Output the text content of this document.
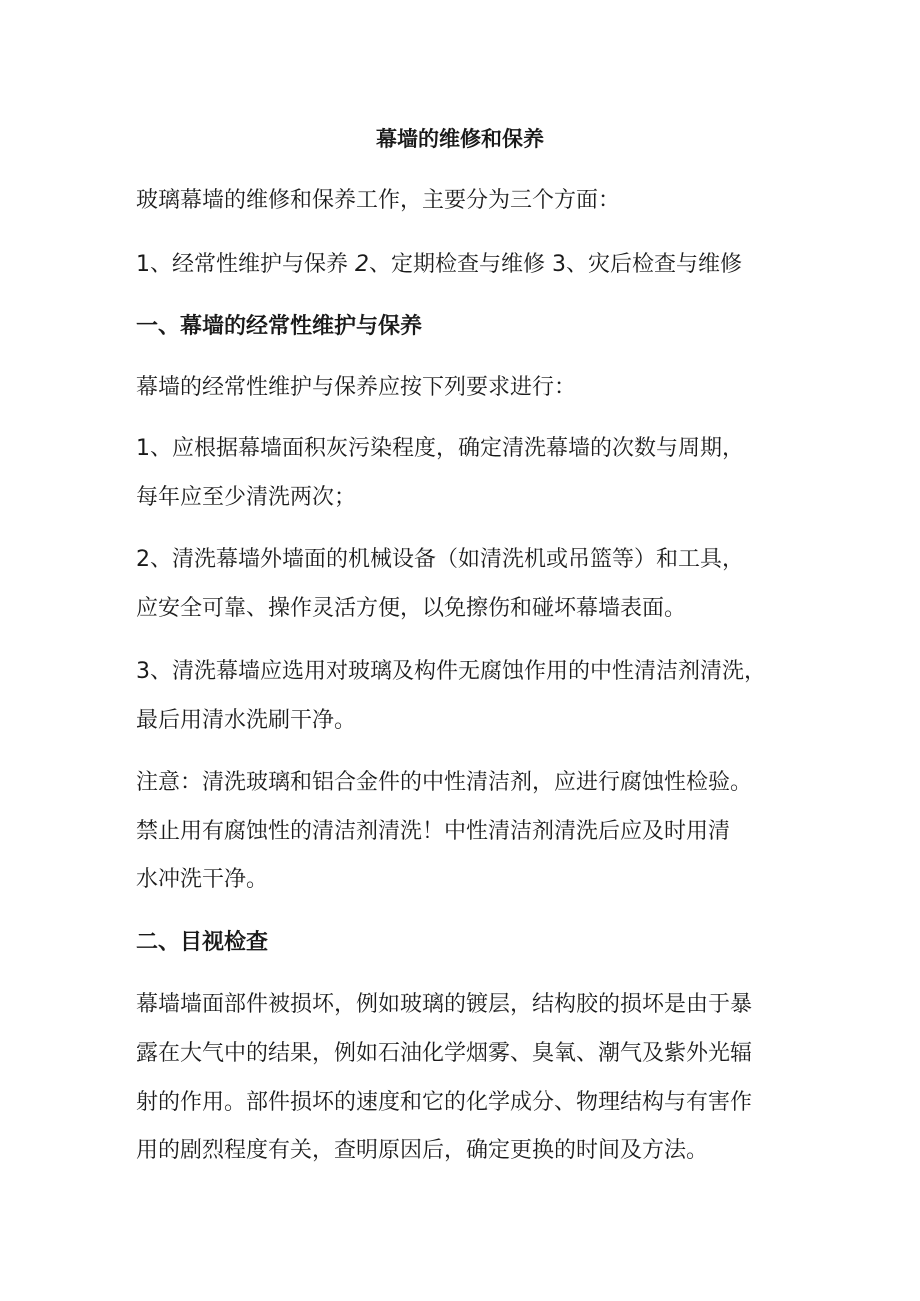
幕墙的维修和保养
玻璃幕墙的维修和保养工作，主要分为三个方面：
1、经常性维护与保养 2、定期检查与维修 3、灾后检查与维修
一、幕墙的经常性维护与保养
幕墙的经常性维护与保养应按下列要求进行：
1、应根据幕墙面积灰污染程度，确定清洗幕墙的次数与周期，
每年应至少清洗两次；
2、清洗幕墙外墙面的机械设备（如清洗机或吊篮等）和工具，
应安全可靠、操作灵活方便，以免擦伤和碰坏幕墙表面。
3、清洗幕墙应选用对玻璃及构件无腐蚀作用的中性清洁剂清洗，
最后用清水洗刷干净。
注意：清洗玻璃和铝合金件的中性清洁剂，应进行腐蚀性检验。
禁止用有腐蚀性的清洁剂清洗！中性清洁剂清洗后应及时用清
水冲洗干净。
二、目视检查
幕墙墙面部件被损坏，例如玻璃的镀层，结构胶的损坏是由于暴
露在大气中的结果，例如石油化学烟雾、臭氧、潮气及紫外光辐
射的作用。部件损坏的速度和它的化学成分、物理结构与有害作
用的剧烈程度有关，查明原因后，确定更换的时间及方法。
